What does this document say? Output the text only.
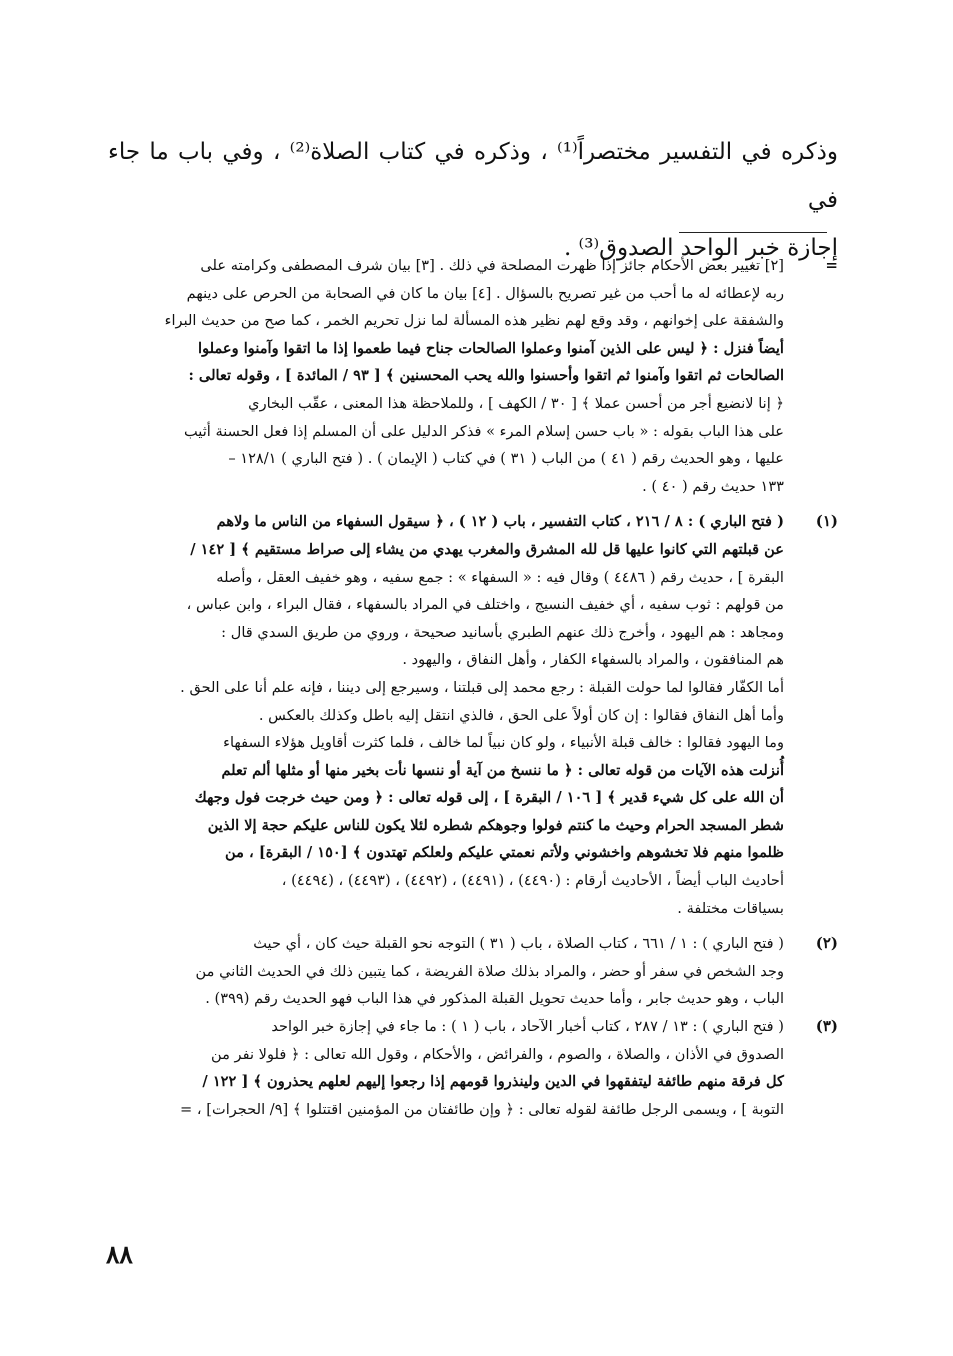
وذكره في التفسير مختصراً⁽¹⁾ ، وذكره في كتاب الصلاة⁽²⁾ ، وفي باب ما جاء في

إجازة خبر الواحد الصدوق⁽³⁾ .

=

[٢] تغيير بعض الأحكام جائز إذا ظهرت المصلحة في ذلك . [٣] بيان شرف المصطفى وكرامته على

ربه لإعطائه له ما أحب من غير تصريح بالسؤال . [٤] بيان ما كان في الصحابة من الحرص على دينهم

والشفقة على إخوانهم ، وقد وقع لهم نظير هذه المسألة لما نزل تحريم الخمر ، كما صح من حديث البراء

أيضاً فنزل : ﴿ ليس على الذين آمنوا وعملوا الصالحات جناح فيما طعموا إذا ما اتقوا وآمنوا وعملوا

الصالحات ثم اتقوا وآمنوا ثم اتقوا وأحسنوا والله يحب المحسنين ﴾ [ ٩٣ / المائدة ] ، وقوله تعالى :

﴿ إنا لانضيع أجر من أحسن عملا ﴾ [ ٣٠ / الكهف ] ، وللملاحظة هذا المعنى ، عقّب البخاري

على هذا الباب بقوله : « باب حسن إسلام المرء » فذكر الدليل على أن المسلم إذا فعل الحسنة أثيب

عليها ، وهو الحديث رقم ( ٤١ ) من الباب ( ٣١ ) في كتاب ( الإيمان ) . ( فتح الباري ) ١٢٨/١ –

١٣٣ حديث رقم ( ٤٠ ) .

(١)

( فتح الباري ) : ٨ / ٢١٦ ، كتاب التفسير ، باب ( ١٢ ) ، ﴿ سيقول السفهاء من الناس ما ولاهم

عن قبلتهم التي كانوا عليها قل لله المشرق والمغرب يهدي من يشاء إلى صراط مستقيم ﴾ [ ١٤٢ /

البقرة ] ، حديث رقم ( ٤٤٨٦ ) وقال فيه : « السفهاء » : جمع سفيه ، وهو خفيف العقل ، وأصله

من قولهم : ثوب سفيه ، أي خفيف النسيج ، واختلف في المراد بالسفهاء ، فقال البراء ، وابن عباس ،

ومجاهد : هم اليهود ، وأخرج ذلك عنهم الطبري بأسانيد صحيحة ، وروي من طريق السدي قال :

هم المنافقون ، والمراد بالسفهاء الكفار ، وأهل النفاق ، واليهود .

أما الكفّار فقالوا لما حولت القبلة : رجع محمد إلى قبلتنا ، وسيرجع إلى ديننا ، فإنه علم أنا على الحق .

وأما أهل النفاق فقالوا : إن كان أولاً على الحق ، فالذي انتقل إليه باطل وكذلك بالعكس .

وما اليهود فقالوا : خالف قبلة الأنبياء ، ولو كان نبياً لما خالف ، فلما كثرت أقاويل هؤلاء السفهاء

أُنزلت هذه الآيات من قوله تعالى : ﴿ ما ننسخ من آية أو ننسها نأت بخير منها أو مثلها ألم تعلم

أن الله على كل شيء قدير ﴾ [ ١٠٦ / البقرة ] ، إلى قوله تعالى : ﴿ ومن حيث خرجت فول وجهك

شطر المسجد الحرام وحيث ما كنتم فولوا وجوهكم شطره لئلا يكون للناس عليكم حجة إلا الذين

ظلموا منهم فلا تخشوهم واخشوني ولأتم نعمتي عليكم ولعلكم تهتدون ﴾ [١٥٠ / البقرة] ، من

أحاديث الباب أيضاً ، الأحاديث أرقام : (٤٤٩٠) ، (٤٤٩١) ، (٤٤٩٢) ، (٤٤٩٣) ، (٤٤٩٤) ،

بسياقات مختلفة .

(٢)

( فتح الباري ) : ١ / ٦٦١ ، كتاب الصلاة ، باب ( ٣١ ) التوجه نحو القبلة حيث كان ، أي حيث

وجد الشخص في سفر أو حضر ، والمراد بذلك صلاة الفريضة ، كما يتبين ذلك في الحديث الثاني من

الباب ، وهو حديث جابر ، وأما حديث تحويل القبلة المذكور في هذا الباب فهو الحديث رقم (٣٩٩) .

(٣)

( فتح الباري ) : ١٣ / ٢٨٧ ، كتاب أخبار الآحاد ، باب ( ١ ) : ما جاء في إجازة خبر الواحد

الصدوق في الأذان ، والصلاة ، والصوم ، والفرائض ، والأحكام ، وقول الله تعالى : ﴿ فلولا نفر من

كل فرقة منهم طائفة ليتفقهوا في الدين ولينذروا قومهم إذا رجعوا إليهم لعلهم يحذرون ﴾ [ ١٢٢ /

التوبة ] ، ويسمى الرجل طائفة لقوله تعالى : ﴿ وإن طائفتان من المؤمنين اقتتلوا ﴾ [٩/ الحجرات] ، =

٨٨
